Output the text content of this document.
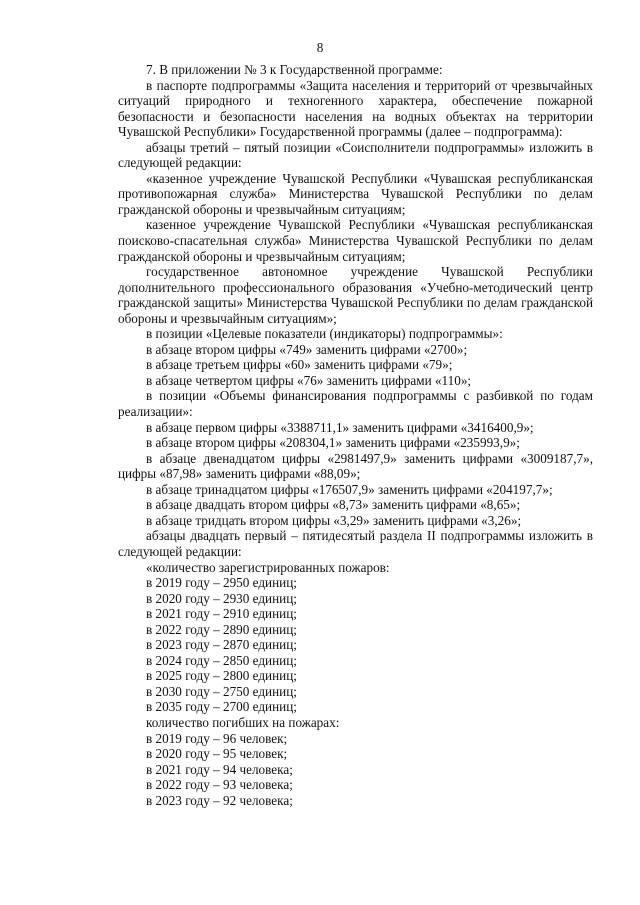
8

7. В приложении № 3 к Государственной программе:

в паспорте подпрограммы «Защита населения и территорий от чрезвычайных ситуаций природного и техногенного характера, обеспечение пожарной безопасности и безопасности населения на водных объектах на территории Чувашской Республики» Государственной программы (далее – подпрограмма):

абзацы третий – пятый позиции «Соисполнители подпрограммы» изложить в следующей редакции:

«казенное учреждение Чувашской Республики «Чувашская республиканская противопожарная служба» Министерства Чувашской Республики по делам гражданской обороны и чрезвычайным ситуациям;

казенное учреждение Чувашской Республики «Чувашская республиканская поисково-спасательная служба» Министерства Чувашской Республики по делам гражданской обороны и чрезвычайным ситуациям;

государственное автономное учреждение Чувашской Республики дополнительного профессионального образования «Учебно-методический центр гражданской защиты» Министерства Чувашской Республики по делам гражданской обороны и чрезвычайным ситуациям»;

в позиции «Целевые показатели (индикаторы) подпрограммы»:

в абзаце втором цифры «749» заменить цифрами «2700»;

в абзаце третьем цифры «60» заменить цифрами «79»;

в абзаце четвертом цифры «76» заменить цифрами «110»;

в позиции «Объемы финансирования подпрограммы с разбивкой по годам реализации»:

в абзаце первом цифры «3388711,1» заменить цифрами «3416400,9»;

в абзаце втором цифры «208304,1» заменить цифрами «235993,9»;

в абзаце двенадцатом цифры «2981497,9» заменить цифрами «3009187,7», цифры «87,98» заменить цифрами «88,09»;

в абзаце тринадцатом цифры «176507,9» заменить цифрами «204197,7»;

в абзаце двадцать втором цифры «8,73» заменить цифрами «8,65»;

в абзаце тридцать втором цифры «3,29» заменить цифрами «3,26»;

абзацы двадцать первый – пятидесятый раздела II подпрограммы изложить в следующей редакции:

«количество зарегистрированных пожаров:

в 2019 году – 2950 единиц;

в 2020 году – 2930 единиц;

в 2021 году – 2910 единиц;

в 2022 году – 2890 единиц;

в 2023 году – 2870 единиц;

в 2024 году – 2850 единиц;

в 2025 году – 2800 единиц;

в 2030 году – 2750 единиц;

в 2035 году – 2700 единиц;

количество погибших на пожарах:

в 2019 году – 96 человек;

в 2020 году – 95 человек;

в 2021 году – 94 человека;

в 2022 году – 93 человека;

в 2023 году – 92 человека;
